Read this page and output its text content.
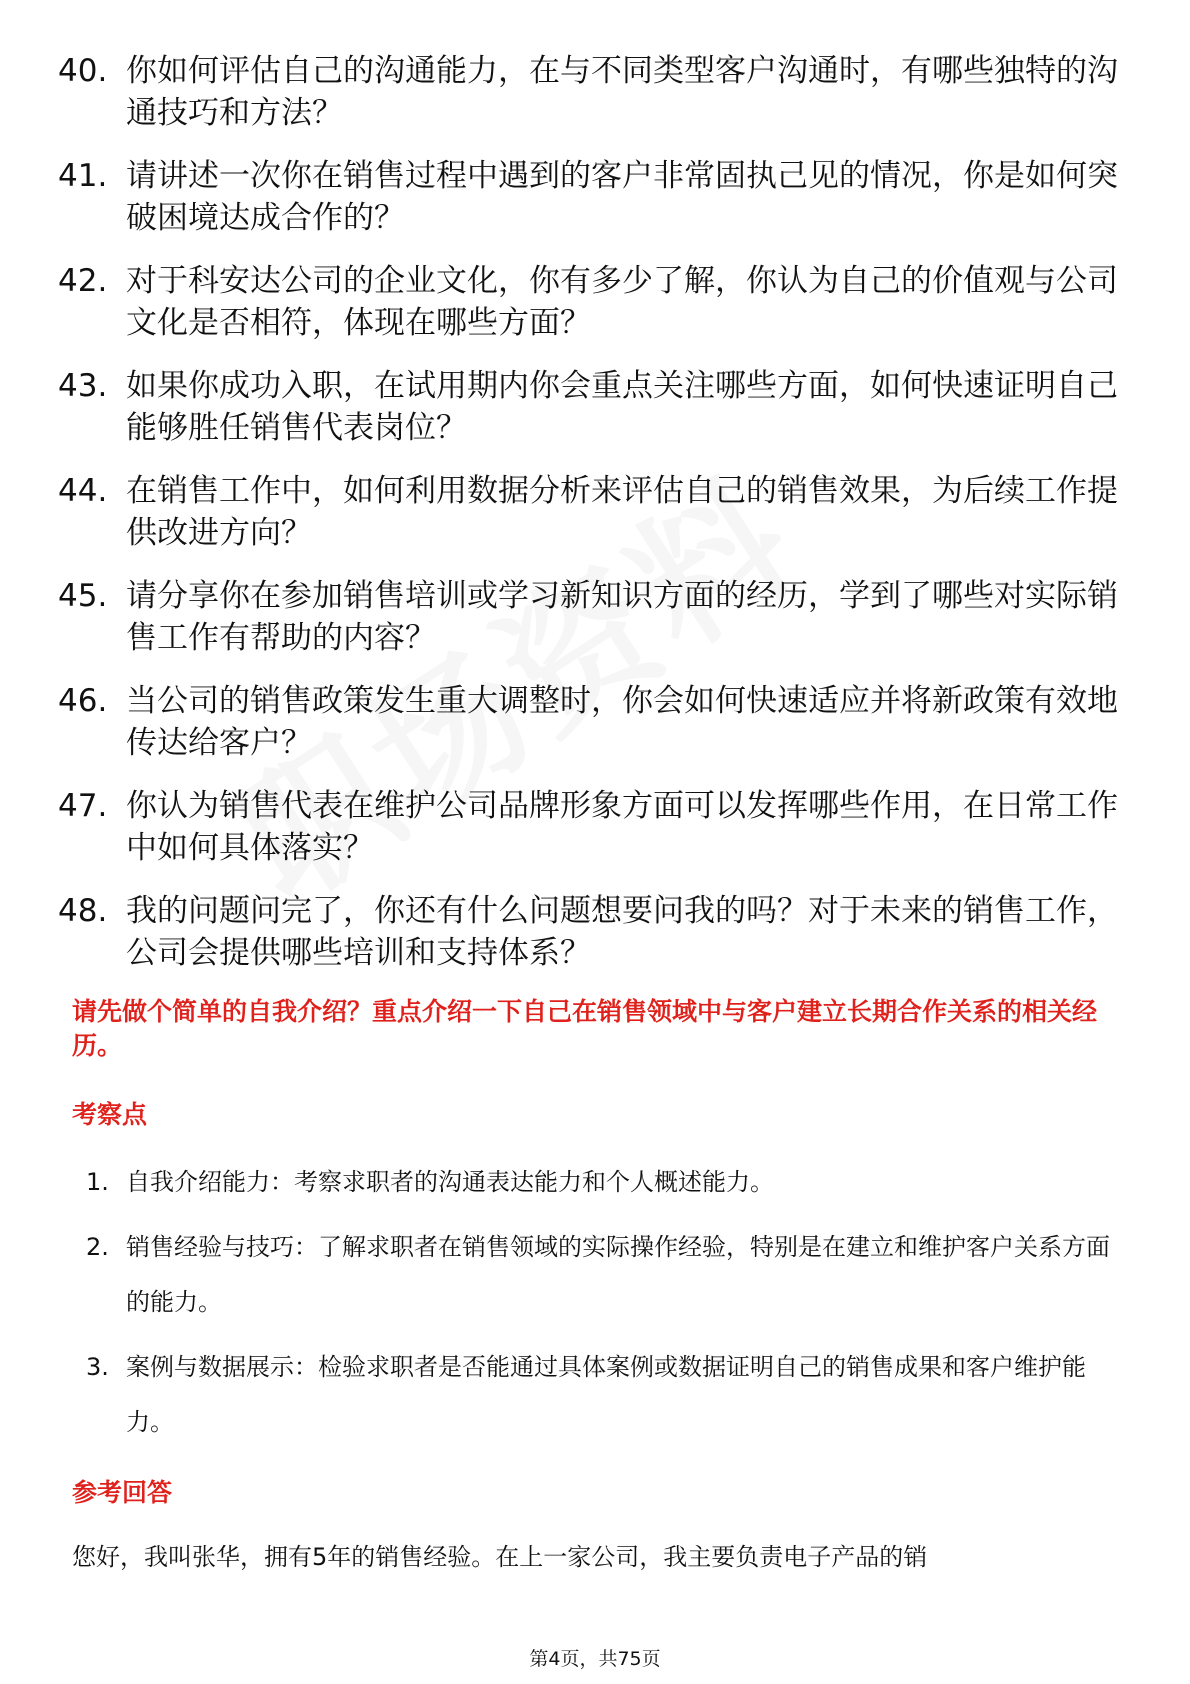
40. 你如何评估自己的沟通能力，在与不同类型客户沟通时，有哪些独特的沟通技巧和方法？
41. 请讲述一次你在销售过程中遇到的客户非常固执己见的情况，你是如何突破困境达成合作的？
42. 对于科安达公司的企业文化，你有多少了解，你认为自己的价值观与公司文化是否相符，体现在哪些方面？
43. 如果你成功入职，在试用期内你会重点关注哪些方面，如何快速证明自己能够胜任销售代表岗位？
44. 在销售工作中，如何利用数据分析来评估自己的销售效果，为后续工作提供改进方向？
45. 请分享你在参加销售培训或学习新知识方面的经历，学到了哪些对实际销售工作有帮助的内容？
46. 当公司的销售政策发生重大调整时，你会如何快速适应并将新政策有效地传达给客户？
47. 你认为销售代表在维护公司品牌形象方面可以发挥哪些作用，在日常工作中如何具体落实？
48. 我的问题问完了，你还有什么问题想要问我的吗？对于未来的销售工作，公司会提供哪些培训和支持体系？

请先做个简单的自我介绍？重点介绍一下自己在销售领域中与客户建立长期合作关系的相关经历。

考察点
1. 自我介绍能力：考察求职者的沟通表达能力和个人概述能力。
2. 销售经验与技巧：了解求职者在销售领域的实际操作经验，特别是在建立和维护客户关系方面的能力。
3. 案例与数据展示：检验求职者是否能通过具体案例或数据证明自己的销售成果和客户维护能力。
参考回答

您好，我叫张华，拥有5年的销售经验。在上一家公司，我主要负责电子产品的销

第4页，共75页
